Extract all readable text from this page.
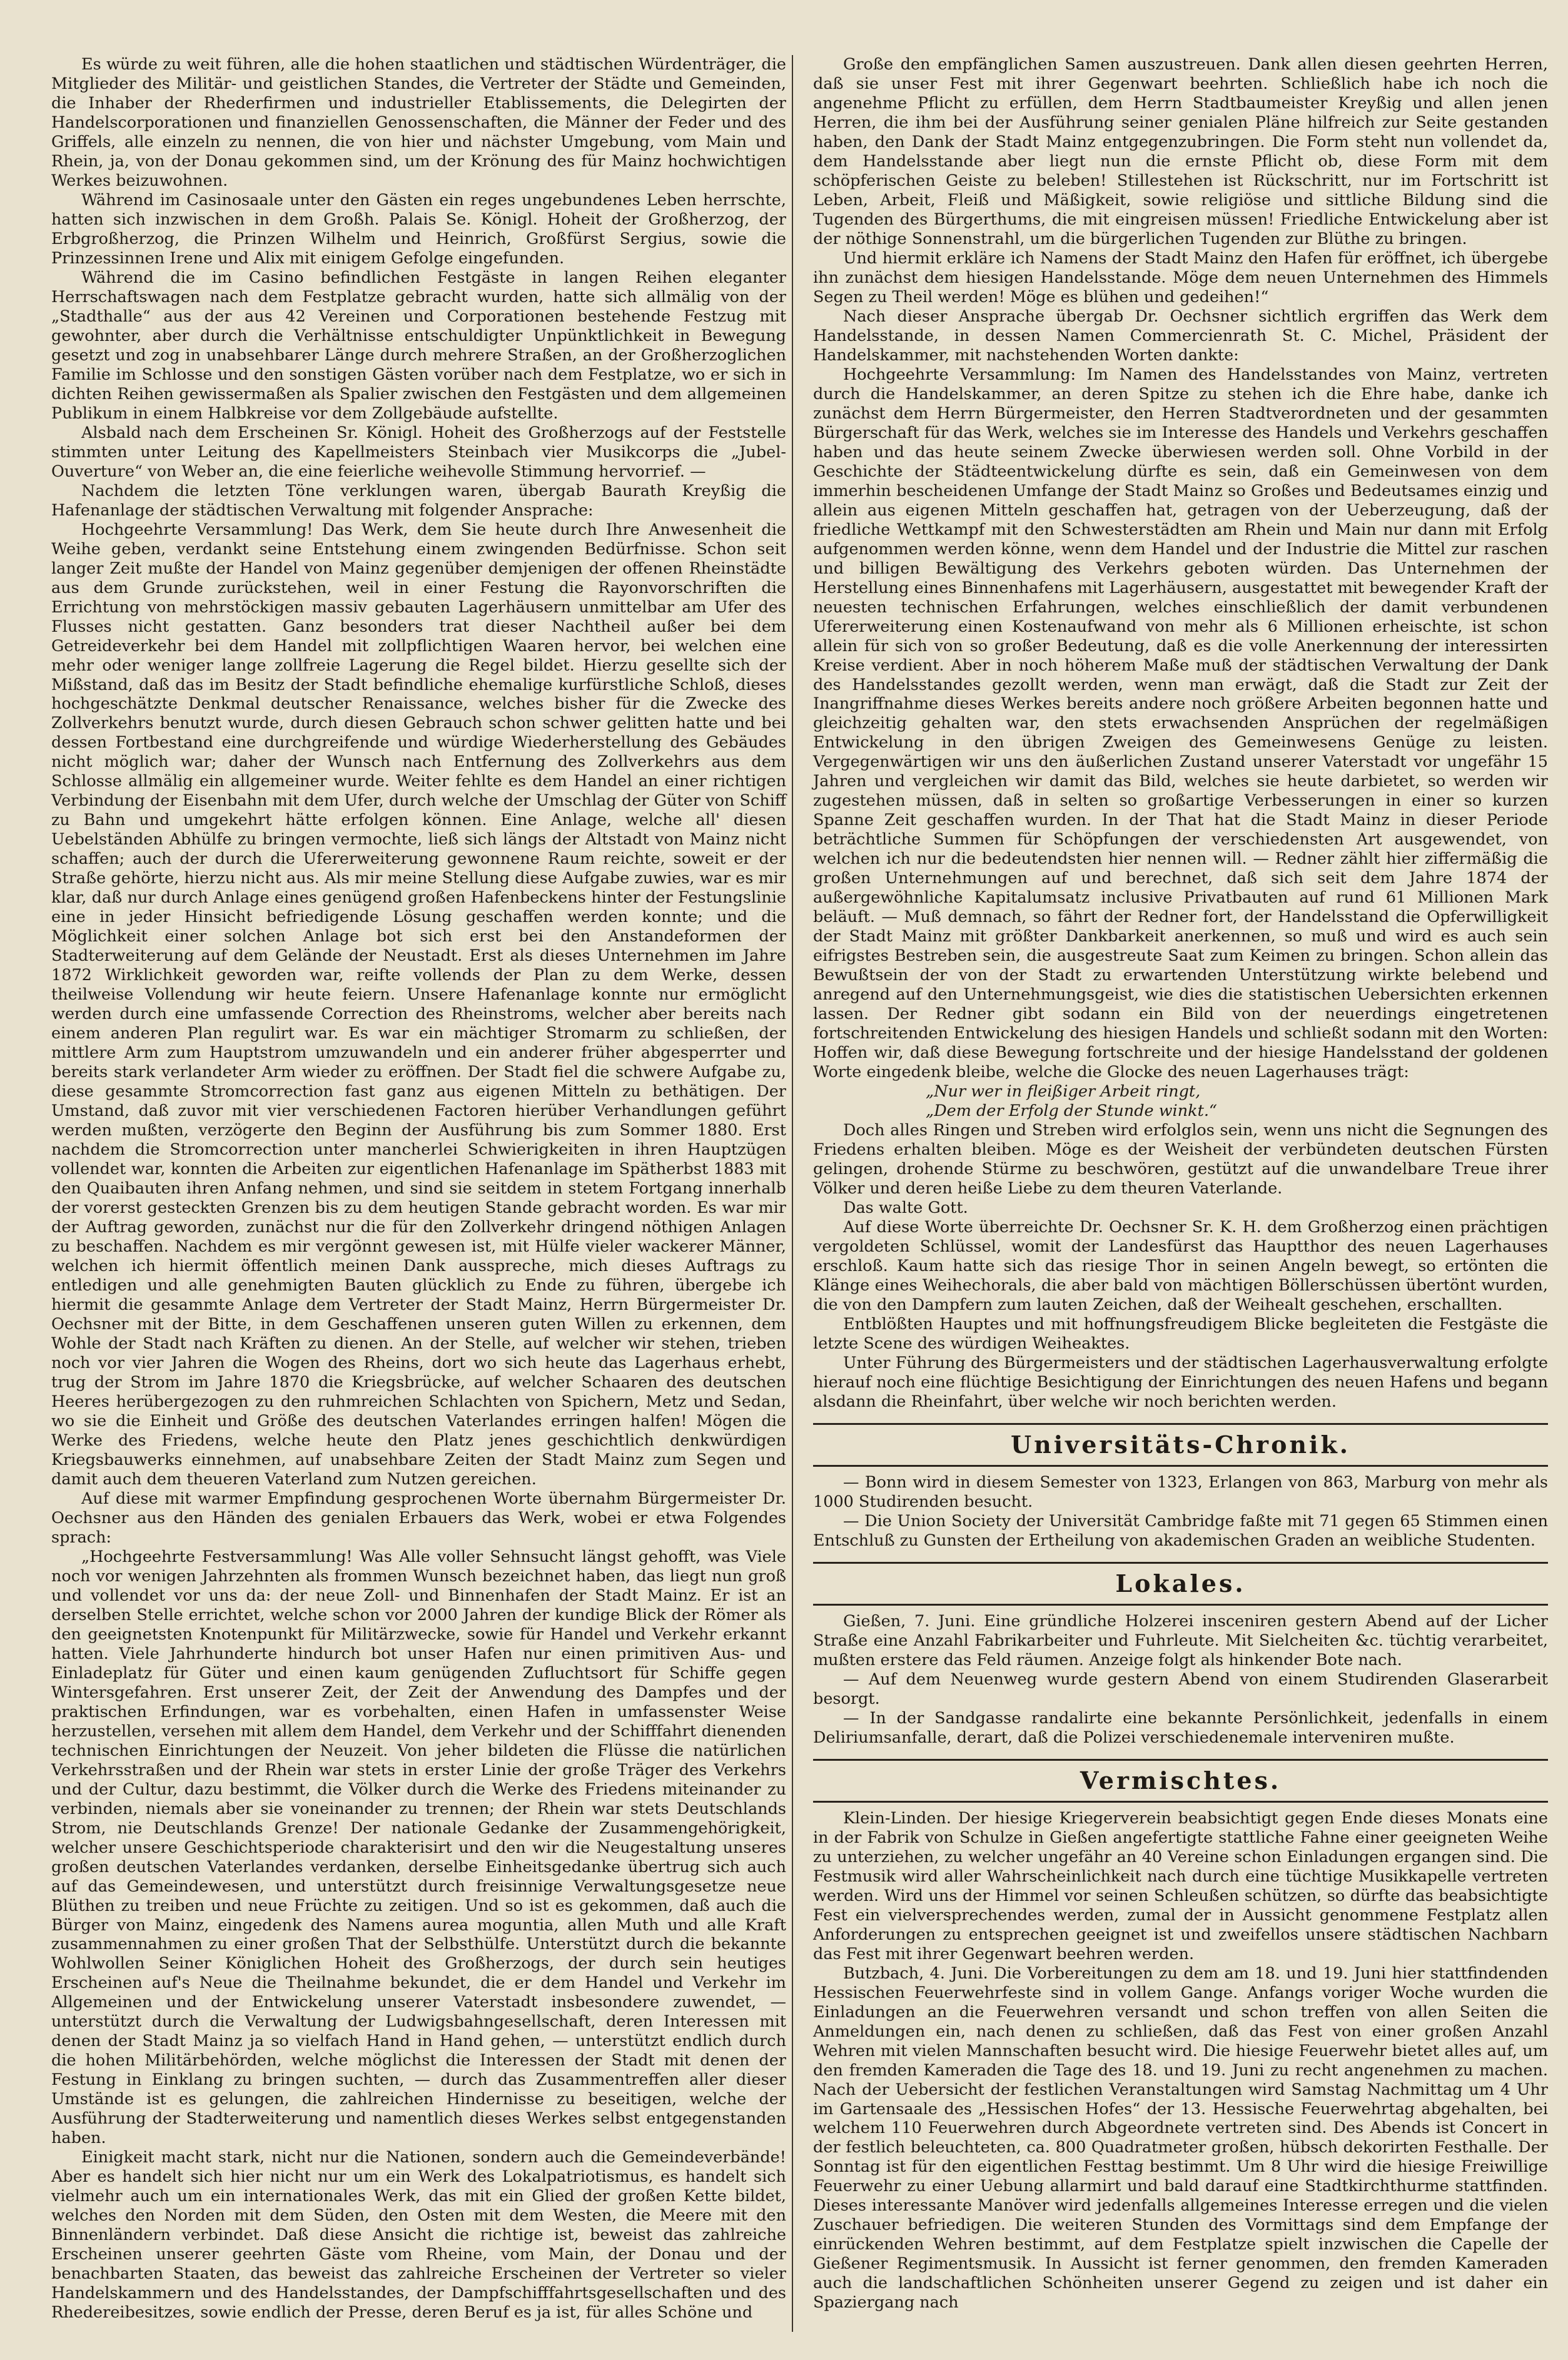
Es würde zu weit führen, alle die hohen staatlichen und städtischen Würdenträger, die Mitglieder des Militär- und geistlichen Standes, die Vertreter der Städte und Gemeinden, die Inhaber der Rhederfirmen und industrieller Etablissements, die Delegirten der Handelscorporationen und finanziellen Genossenschaften, die Männer der Feder und des Griffels, alle einzeln zu nennen, die von hier und nächster Umgebung, vom Main und Rhein, ja, von der Donau gekommen sind, um der Krönung des für Mainz hochwichtigen Werkes beizuwohnen.

Während im Casinosaale unter den Gästen ein reges ungebundenes Leben herrschte, hatten sich inzwischen in dem Großh. Palais Se. Königl. Hoheit der Großherzog, der Erbgroßherzog, die Prinzen Wilhelm und Heinrich, Großfürst Sergius, sowie die Prinzessinnen Irene und Alix mit einigem Gefolge eingefunden.

Während die im Casino befindlichen Festgäste in langen Reihen eleganter Herrschaftswagen nach dem Festplatze gebracht wurden, hatte sich allmälig von der „Stadthalle“ aus der aus 42 Vereinen und Corporationen bestehende Festzug mit gewohnter, aber durch die Verhältnisse entschuldigter Unpünktlichkeit in Bewegung gesetzt und zog in unabsehbarer Länge durch mehrere Straßen, an der Großherzoglichen Familie im Schlosse und den sonstigen Gästen vorüber nach dem Festplatze, wo er sich in dichten Reihen gewissermaßen als Spalier zwischen den Festgästen und dem allgemeinen Publikum in einem Halbkreise vor dem Zollgebäude aufstellte.

Alsbald nach dem Erscheinen Sr. Königl. Hoheit des Großherzogs auf der Feststelle stimmten unter Leitung des Kapellmeisters Steinbach vier Musikcorps die „Jubel-Ouverture“ von Weber an, die eine feierliche weihevolle Stimmung hervorrief. —

Nachdem die letzten Töne verklungen waren, übergab Baurath Kreyßig die Hafenanlage der städtischen Verwaltung mit folgender Ansprache:

Hochgeehrte Versammlung! Das Werk, dem Sie heute durch Ihre Anwesenheit die Weihe geben, verdankt seine Entstehung einem zwingenden Bedürfnisse. Schon seit langer Zeit mußte der Handel von Mainz gegenüber demjenigen der offenen Rheinstädte aus dem Grunde zurückstehen, weil in einer Festung die Rayonvorschriften die Errichtung von mehrstöckigen massiv gebauten Lagerhäusern unmittelbar am Ufer des Flusses nicht gestatten. Ganz besonders trat dieser Nachtheil außer bei dem Getreideverkehr bei dem Handel mit zollpflichtigen Waaren hervor, bei welchen eine mehr oder weniger lange zollfreie Lagerung die Regel bildet. Hierzu gesellte sich der Mißstand, daß das im Besitz der Stadt befindliche ehemalige kurfürstliche Schloß, dieses hochgeschätzte Denkmal deutscher Renaissance, welches bisher für die Zwecke des Zollverkehrs benutzt wurde, durch diesen Gebrauch schon schwer gelitten hatte und bei dessen Fortbestand eine durchgreifende und würdige Wiederherstellung des Gebäudes nicht möglich war; daher der Wunsch nach Entfernung des Zollverkehrs aus dem Schlosse allmälig ein allgemeiner wurde. Weiter fehlte es dem Handel an einer richtigen Verbindung der Eisenbahn mit dem Ufer, durch welche der Umschlag der Güter von Schiff zu Bahn und umgekehrt hätte erfolgen können. Eine Anlage, welche all' diesen Uebelständen Abhülfe zu bringen vermochte, ließ sich längs der Altstadt von Mainz nicht schaffen; auch der durch die Ufererweiterung gewonnene Raum reichte, soweit er der Straße gehörte, hierzu nicht aus. Als mir meine Stellung diese Aufgabe zuwies, war es mir klar, daß nur durch Anlage eines genügend großen Hafenbeckens hinter der Festungslinie eine in jeder Hinsicht befriedigende Lösung geschaffen werden konnte; und die Möglichkeit einer solchen Anlage bot sich erst bei den Anstandeformen der Stadterweiterung auf dem Gelände der Neustadt. Erst als dieses Unternehmen im Jahre 1872 Wirklichkeit geworden war, reifte vollends der Plan zu dem Werke, dessen theilweise Vollendung wir heute feiern. Unsere Hafenanlage konnte nur ermöglicht werden durch eine umfassende Correction des Rheinstroms, welcher aber bereits nach einem anderen Plan regulirt war. Es war ein mächtiger Stromarm zu schließen, der mittlere Arm zum Hauptstrom umzuwandeln und ein anderer früher abgesperrter und bereits stark verlandeter Arm wieder zu eröffnen. Der Stadt fiel die schwere Aufgabe zu, diese gesammte Stromcorrection fast ganz aus eigenen Mitteln zu bethätigen. Der Umstand, daß zuvor mit vier verschiedenen Factoren hierüber Verhandlungen geführt werden mußten, verzögerte den Beginn der Ausführung bis zum Sommer 1880. Erst nachdem die Stromcorrection unter mancherlei Schwierigkeiten in ihren Hauptzügen vollendet war, konnten die Arbeiten zur eigentlichen Hafenanlage im Spätherbst 1883 mit den Quaibauten ihren Anfang nehmen, und sind sie seitdem in stetem Fortgang innerhalb der vorerst gesteckten Grenzen bis zu dem heutigen Stande gebracht worden. Es war mir der Auftrag geworden, zunächst nur die für den Zollverkehr dringend nöthigen Anlagen zu beschaffen. Nachdem es mir vergönnt gewesen ist, mit Hülfe vieler wackerer Männer, welchen ich hiermit öffentlich meinen Dank ausspreche, mich dieses Auftrags zu entledigen und alle genehmigten Bauten glücklich zu Ende zu führen, übergebe ich hiermit die gesammte Anlage dem Vertreter der Stadt Mainz, Herrn Bürgermeister Dr. Oechsner mit der Bitte, in dem Geschaffenen unseren guten Willen zu erkennen, dem Wohle der Stadt nach Kräften zu dienen. An der Stelle, auf welcher wir stehen, trieben noch vor vier Jahren die Wogen des Rheins, dort wo sich heute das Lagerhaus erhebt, trug der Strom im Jahre 1870 die Kriegsbrücke, auf welcher Schaaren des deutschen Heeres herübergezogen zu den ruhmreichen Schlachten von Spichern, Metz und Sedan, wo sie die Einheit und Größe des deutschen Vaterlandes erringen halfen! Mögen die Werke des Friedens, welche heute den Platz jenes geschichtlich denkwürdigen Kriegsbauwerks einnehmen, auf unabsehbare Zeiten der Stadt Mainz zum Segen und damit auch dem theueren Vaterland zum Nutzen gereichen.

Auf diese mit warmer Empfindung gesprochenen Worte übernahm Bürgermeister Dr. Oechsner aus den Händen des genialen Erbauers das Werk, wobei er etwa Folgendes sprach:

„Hochgeehrte Festversammlung! Was Alle voller Sehnsucht längst gehofft, was Viele noch vor wenigen Jahrzehnten als frommen Wunsch bezeichnet haben, das liegt nun groß und vollendet vor uns da: der neue Zoll- und Binnenhafen der Stadt Mainz. Er ist an derselben Stelle errichtet, welche schon vor 2000 Jahren der kundige Blick der Römer als den geeignetsten Knotenpunkt für Militärzwecke, sowie für Handel und Verkehr erkannt hatten. Viele Jahrhunderte hindurch bot unser Hafen nur einen primitiven Aus- und Einladeplatz für Güter und einen kaum genügenden Zufluchtsort für Schiffe gegen Wintersgefahren. Erst unserer Zeit, der Zeit der Anwendung des Dampfes und der praktischen Erfindungen, war es vorbehalten, einen Hafen in umfassenster Weise herzustellen, versehen mit allem dem Handel, dem Verkehr und der Schifffahrt dienenden technischen Einrichtungen der Neuzeit. Von jeher bildeten die Flüsse die natürlichen Verkehrsstraßen und der Rhein war stets in erster Linie der große Träger des Verkehrs und der Cultur, dazu bestimmt, die Völker durch die Werke des Friedens miteinander zu verbinden, niemals aber sie voneinander zu trennen; der Rhein war stets Deutschlands Strom, nie Deutschlands Grenze! Der nationale Gedanke der Zusammengehörigkeit, welcher unsere Geschichtsperiode charakterisirt und den wir die Neugestaltung unseres großen deutschen Vaterlandes verdanken, derselbe Einheitsgedanke übertrug sich auch auf das Gemeindewesen, und unterstützt durch freisinnige Verwaltungsgesetze neue Blüthen zu treiben und neue Früchte zu zeitigen. Und so ist es gekommen, daß auch die Bürger von Mainz, eingedenk des Namens aurea moguntia, allen Muth und alle Kraft zusammennahmen zu einer großen That der Selbsthülfe. Unterstützt durch die bekannte Wohlwollen Seiner Königlichen Hoheit des Großherzogs, der durch sein heutiges Erscheinen auf's Neue die Theilnahme bekundet, die er dem Handel und Verkehr im Allgemeinen und der Entwickelung unserer Vaterstadt insbesondere zuwendet, — unterstützt durch die Verwaltung der Ludwigsbahngesellschaft, deren Interessen mit denen der Stadt Mainz ja so vielfach Hand in Hand gehen, — unterstützt endlich durch die hohen Militärbehörden, welche möglichst die Interessen der Stadt mit denen der Festung in Einklang zu bringen suchten, — durch das Zusammentreffen aller dieser Umstände ist es gelungen, die zahlreichen Hindernisse zu beseitigen, welche der Ausführung der Stadterweiterung und namentlich dieses Werkes selbst entgegenstanden haben.

Einigkeit macht stark, nicht nur die Nationen, sondern auch die Gemeindeverbände! Aber es handelt sich hier nicht nur um ein Werk des Lokalpatriotismus, es handelt sich vielmehr auch um ein internationales Werk, das mit ein Glied der großen Kette bildet, welches den Norden mit dem Süden, den Osten mit dem Westen, die Meere mit den Binnenländern verbindet. Daß diese Ansicht die richtige ist, beweist das zahlreiche Erscheinen unserer geehrten Gäste vom Rheine, vom Main, der Donau und der benachbarten Staaten, das beweist das zahlreiche Erscheinen der Vertreter so vieler Handelskammern und des Handelsstandes, der Dampfschifffahrtsgesellschaften und des Rhedereibesitzes, sowie endlich der Presse, deren Beruf es ja ist, für alles Schöne und

Große den empfänglichen Samen auszustreuen. Dank allen diesen geehrten Herren, daß sie unser Fest mit ihrer Gegenwart beehrten. Schließlich habe ich noch die angenehme Pflicht zu erfüllen, dem Herrn Stadtbaumeister Kreyßig und allen jenen Herren, die ihm bei der Ausführung seiner genialen Pläne hilfreich zur Seite gestanden haben, den Dank der Stadt Mainz entgegenzubringen. Die Form steht nun vollendet da, dem Handelsstande aber liegt nun die ernste Pflicht ob, diese Form mit dem schöpferischen Geiste zu beleben! Stillestehen ist Rückschritt, nur im Fortschritt ist Leben, Arbeit, Fleiß und Mäßigkeit, sowie religiöse und sittliche Bildung sind die Tugenden des Bürgerthums, die mit eingreisen müssen! Friedliche Entwickelung aber ist der nöthige Sonnenstrahl, um die bürgerlichen Tugenden zur Blüthe zu bringen.

Und hiermit erkläre ich Namens der Stadt Mainz den Hafen für eröffnet, ich übergebe ihn zunächst dem hiesigen Handelsstande. Möge dem neuen Unternehmen des Himmels Segen zu Theil werden! Möge es blühen und gedeihen!“

Nach dieser Ansprache übergab Dr. Oechsner sichtlich ergriffen das Werk dem Handelsstande, in dessen Namen Commercienrath St. C. Michel, Präsident der Handelskammer, mit nachstehenden Worten dankte:

Hochgeehrte Versammlung: Im Namen des Handelsstandes von Mainz, vertreten durch die Handelskammer, an deren Spitze zu stehen ich die Ehre habe, danke ich zunächst dem Herrn Bürgermeister, den Herren Stadtverordneten und der gesammten Bürgerschaft für das Werk, welches sie im Interesse des Handels und Verkehrs geschaffen haben und das heute seinem Zwecke überwiesen werden soll. Ohne Vorbild in der Geschichte der Städteentwickelung dürfte es sein, daß ein Gemeinwesen von dem immerhin bescheidenen Umfange der Stadt Mainz so Großes und Bedeutsames einzig und allein aus eigenen Mitteln geschaffen hat, getragen von der Ueberzeugung, daß der friedliche Wettkampf mit den Schwesterstädten am Rhein und Main nur dann mit Erfolg aufgenommen werden könne, wenn dem Handel und der Industrie die Mittel zur raschen und billigen Bewältigung des Verkehrs geboten würden. Das Unternehmen der Herstellung eines Binnenhafens mit Lagerhäusern, ausgestattet mit bewegender Kraft der neuesten technischen Erfahrungen, welches einschließlich der damit verbundenen Ufererweiterung einen Kostenaufwand von mehr als 6 Millionen erheischte, ist schon allein für sich von so großer Bedeutung, daß es die volle Anerkennung der interessirten Kreise verdient. Aber in noch höherem Maße muß der städtischen Verwaltung der Dank des Handelsstandes gezollt werden, wenn man erwägt, daß die Stadt zur Zeit der Inangriffnahme dieses Werkes bereits andere noch größere Arbeiten begonnen hatte und gleichzeitig gehalten war, den stets erwachsenden Ansprüchen der regelmäßigen Entwickelung in den übrigen Zweigen des Gemeinwesens Genüge zu leisten. Vergegenwärtigen wir uns den äußerlichen Zustand unserer Vaterstadt vor ungefähr 15 Jahren und vergleichen wir damit das Bild, welches sie heute darbietet, so werden wir zugestehen müssen, daß in selten so großartige Verbesserungen in einer so kurzen Spanne Zeit geschaffen wurden. In der That hat die Stadt Mainz in dieser Periode beträchtliche Summen für Schöpfungen der verschiedensten Art ausgewendet, von welchen ich nur die bedeutendsten hier nennen will. — Redner zählt hier ziffermäßig die großen Unternehmungen auf und berechnet, daß sich seit dem Jahre 1874 der außergewöhnliche Kapitalumsatz inclusive Privatbauten auf rund 61 Millionen Mark beläuft. — Muß demnach, so fährt der Redner fort, der Handelsstand die Opferwilligkeit der Stadt Mainz mit größter Dankbarkeit anerkennen, so muß und wird es auch sein eifrigstes Bestreben sein, die ausgestreute Saat zum Keimen zu bringen. Schon allein das Bewußtsein der von der Stadt zu erwartenden Unterstützung wirkte belebend und anregend auf den Unternehmungsgeist, wie dies die statistischen Uebersichten erkennen lassen. Der Redner gibt sodann ein Bild von der neuerdings eingetretenen fortschreitenden Entwickelung des hiesigen Handels und schließt sodann mit den Worten: Hoffen wir, daß diese Bewegung fortschreite und der hiesige Handelsstand der goldenen Worte eingedenk bleibe, welche die Glocke des neuen Lagerhauses trägt:

„Nur wer in fleißiger Arbeit ringt,

„Dem der Erfolg der Stunde winkt.“

Doch alles Ringen und Streben wird erfolglos sein, wenn uns nicht die Segnungen des Friedens erhalten bleiben. Möge es der Weisheit der verbündeten deutschen Fürsten gelingen, drohende Stürme zu beschwören, gestützt auf die unwandelbare Treue ihrer Völker und deren heiße Liebe zu dem theuren Vaterlande.

Das walte Gott.

Auf diese Worte überreichte Dr. Oechsner Sr. K. H. dem Großherzog einen prächtigen vergoldeten Schlüssel, womit der Landesfürst das Hauptthor des neuen Lagerhauses erschloß. Kaum hatte sich das riesige Thor in seinen Angeln bewegt, so ertönten die Klänge eines Weihechorals, die aber bald von mächtigen Böllerschüssen übertönt wurden, die von den Dampfern zum lauten Zeichen, daß der Weihealt geschehen, erschallten.

Entblößten Hauptes und mit hoffnungsfreudigem Blicke begleiteten die Festgäste die letzte Scene des würdigen Weiheaktes.

Unter Führung des Bürgermeisters und der städtischen Lagerhausverwaltung erfolgte hierauf noch eine flüchtige Besichtigung der Einrichtungen des neuen Hafens und begann alsdann die Rheinfahrt, über welche wir noch berichten werden.

Universitäts-Chronik.

— Bonn wird in diesem Semester von 1323, Erlangen von 863, Marburg von mehr als 1000 Studirenden besucht.

— Die Union Society der Universität Cambridge faßte mit 71 gegen 65 Stimmen einen Entschluß zu Gunsten der Ertheilung von akademischen Graden an weibliche Studenten.

Lokales.

Gießen, 7. Juni. Eine gründliche Holzerei insceniren gestern Abend auf der Licher Straße eine Anzahl Fabrikarbeiter und Fuhrleute. Mit Sielcheiten &c. tüchtig verarbeitet, mußten erstere das Feld räumen. Anzeige folgt als hinkender Bote nach.

— Auf dem Neuenweg wurde gestern Abend von einem Studirenden Glaserarbeit besorgt.

— In der Sandgasse randalirte eine bekannte Persönlichkeit, jedenfalls in einem Deliriumsanfalle, derart, daß die Polizei verschiedenemale interveniren mußte.

Vermischtes.

Klein-Linden. Der hiesige Kriegerverein beabsichtigt gegen Ende dieses Monats eine in der Fabrik von Schulze in Gießen angefertigte stattliche Fahne einer geeigneten Weihe zu unterziehen, zu welcher ungefähr an 40 Vereine schon Einladungen ergangen sind. Die Festmusik wird aller Wahrscheinlichkeit nach durch eine tüchtige Musikkapelle vertreten werden. Wird uns der Himmel vor seinen Schleußen schützen, so dürfte das beabsichtigte Fest ein vielversprechendes werden, zumal der in Aussicht genommene Festplatz allen Anforderungen zu entsprechen geeignet ist und zweifellos unsere städtischen Nachbarn das Fest mit ihrer Gegenwart beehren werden.

Butzbach, 4. Juni. Die Vorbereitungen zu dem am 18. und 19. Juni hier stattfindenden Hessischen Feuerwehrfeste sind in vollem Gange. Anfangs voriger Woche wurden die Einladungen an die Feuerwehren versandt und schon treffen von allen Seiten die Anmeldungen ein, nach denen zu schließen, daß das Fest von einer großen Anzahl Wehren mit vielen Mannschaften besucht wird. Die hiesige Feuerwehr bietet alles auf, um den fremden Kameraden die Tage des 18. und 19. Juni zu recht angenehmen zu machen. Nach der Uebersicht der festlichen Veranstaltungen wird Samstag Nachmittag um 4 Uhr im Gartensaale des „Hessischen Hofes“ der 13. Hessische Feuerwehrtag abgehalten, bei welchem 110 Feuerwehren durch Abgeordnete vertreten sind. Des Abends ist Concert in der festlich beleuchteten, ca. 800 Quadratmeter großen, hübsch dekorirten Festhalle. Der Sonntag ist für den eigentlichen Festtag bestimmt. Um 8 Uhr wird die hiesige Freiwillige Feuerwehr zu einer Uebung allarmirt und bald darauf eine Stadtkirchthurme stattfinden. Dieses interessante Manöver wird jedenfalls allgemeines Interesse erregen und die vielen Zuschauer befriedigen. Die weiteren Stunden des Vormittags sind dem Empfange der einrückenden Wehren bestimmt, auf dem Festplatze spielt inzwischen die Capelle der Gießener Regimentsmusik. In Aussicht ist ferner genommen, den fremden Kameraden auch die landschaftlichen Schönheiten unserer Gegend zu zeigen und ist daher ein Spaziergang nach
